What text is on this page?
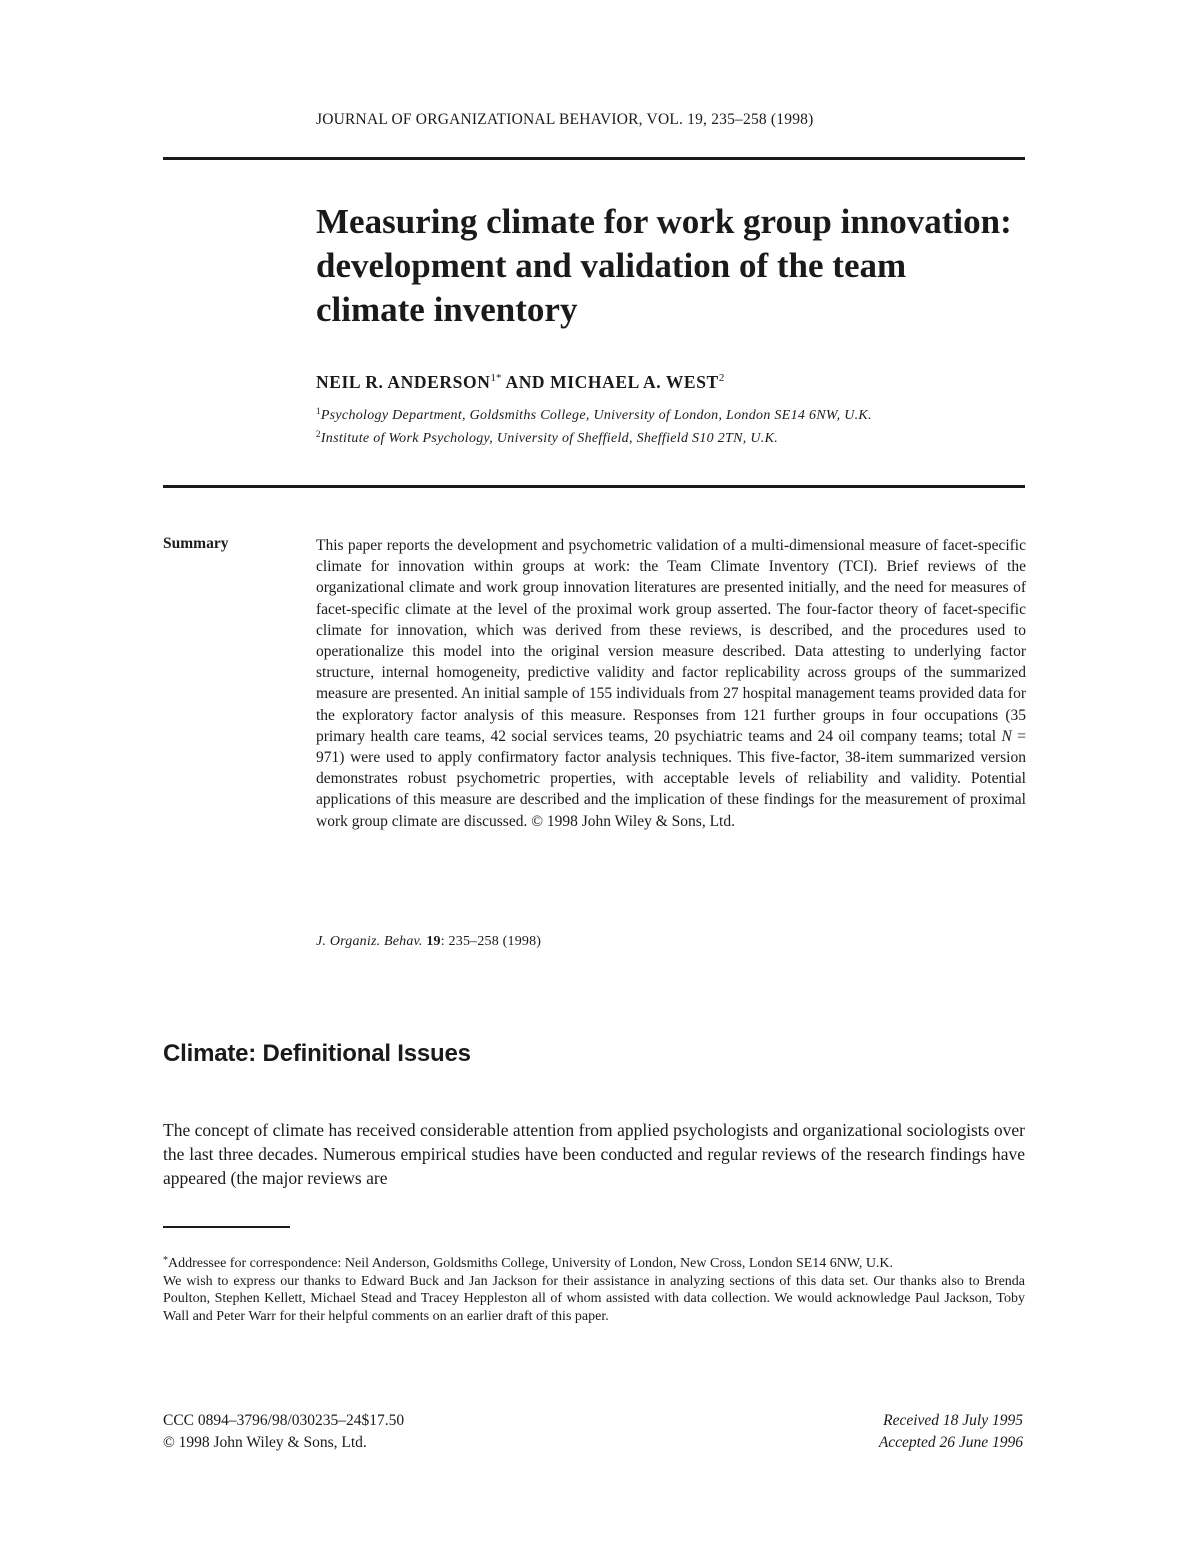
JOURNAL OF ORGANIZATIONAL BEHAVIOR, VOL. 19, 235–258 (1998)
Measuring climate for work group innovation:
development and validation of the team
climate inventory
NEIL R. $ANDERSON^{1*}$ AND MICHAEL A. WEST$^2$
$^1$Psychology Department, Goldsmiths College, University of London, London SE14 6NW, U.K.
$^2$Institute of Work Psychology, University of Sheffield, Sheffield S10 2TN, U.K.
Summary	This paper reports the development and psychometric validation of a multi-dimensional measure of facet-specific climate for innovation within groups at work: the Team Climate Inventory (TCI). Brief reviews of the organizational climate and work group innovation literatures are presented initially, and the need for measures of facet-specific climate at the level of the proximal work group asserted. The four-factor theory of facet-specific climate for innovation, which was derived from these reviews, is described, and the procedures used to operationalize this model into the original version measure described. Data attesting to underlying factor structure, internal homogeneity, predictive validity and factor replicability across groups of the summarized measure are presented. An initial sample of 155 individuals from 27 hospital management teams provided data for the exploratory factor analysis of this measure. Responses from 121 further groups in four occupations (35 primary health care teams, 42 social services teams, 20 psychiatric teams and 24 oil company teams; total N = 971) were used to apply confirmatory factor analysis techniques. This five-factor, 38-item summarized version demonstrates robust psychometric properties, with acceptable levels of reliability and validity. Potential applications of this measure are described and the implication of these findings for the measurement of proximal work group climate are discussed. © 1998 John Wiley & Sons, Ltd.
J. Organiz. Behav. 19: 235–258 (1998)
Climate: Definitional Issues

The concept of climate has received considerable attention from applied psychologists and organizational sociologists over the last three decades. Numerous empirical studies have been conducted and regular reviews of the research findings have appeared (the major reviews are

*Addressee for correspondence: Neil Anderson, Goldsmiths College, University of London, New Cross, London SE14 6NW, U.K.

We wish to express our thanks to Edward Buck and Jan Jackson for their assistance in analyzing sections of this data set. Our thanks also to Brenda Poulton, Stephen Kellett, Michael Stead and Tracey Heppleston all of whom assisted with data collection. We would acknowledge Paul Jackson, Toby Wall and Peter Warr for their helpful comments on an earlier draft of this paper.

CCC 0894–3796/98/030235–24$17.50
© 1998 John Wiley & Sons, Ltd.
Received 18 July 1995
Accepted 26 June 1996
